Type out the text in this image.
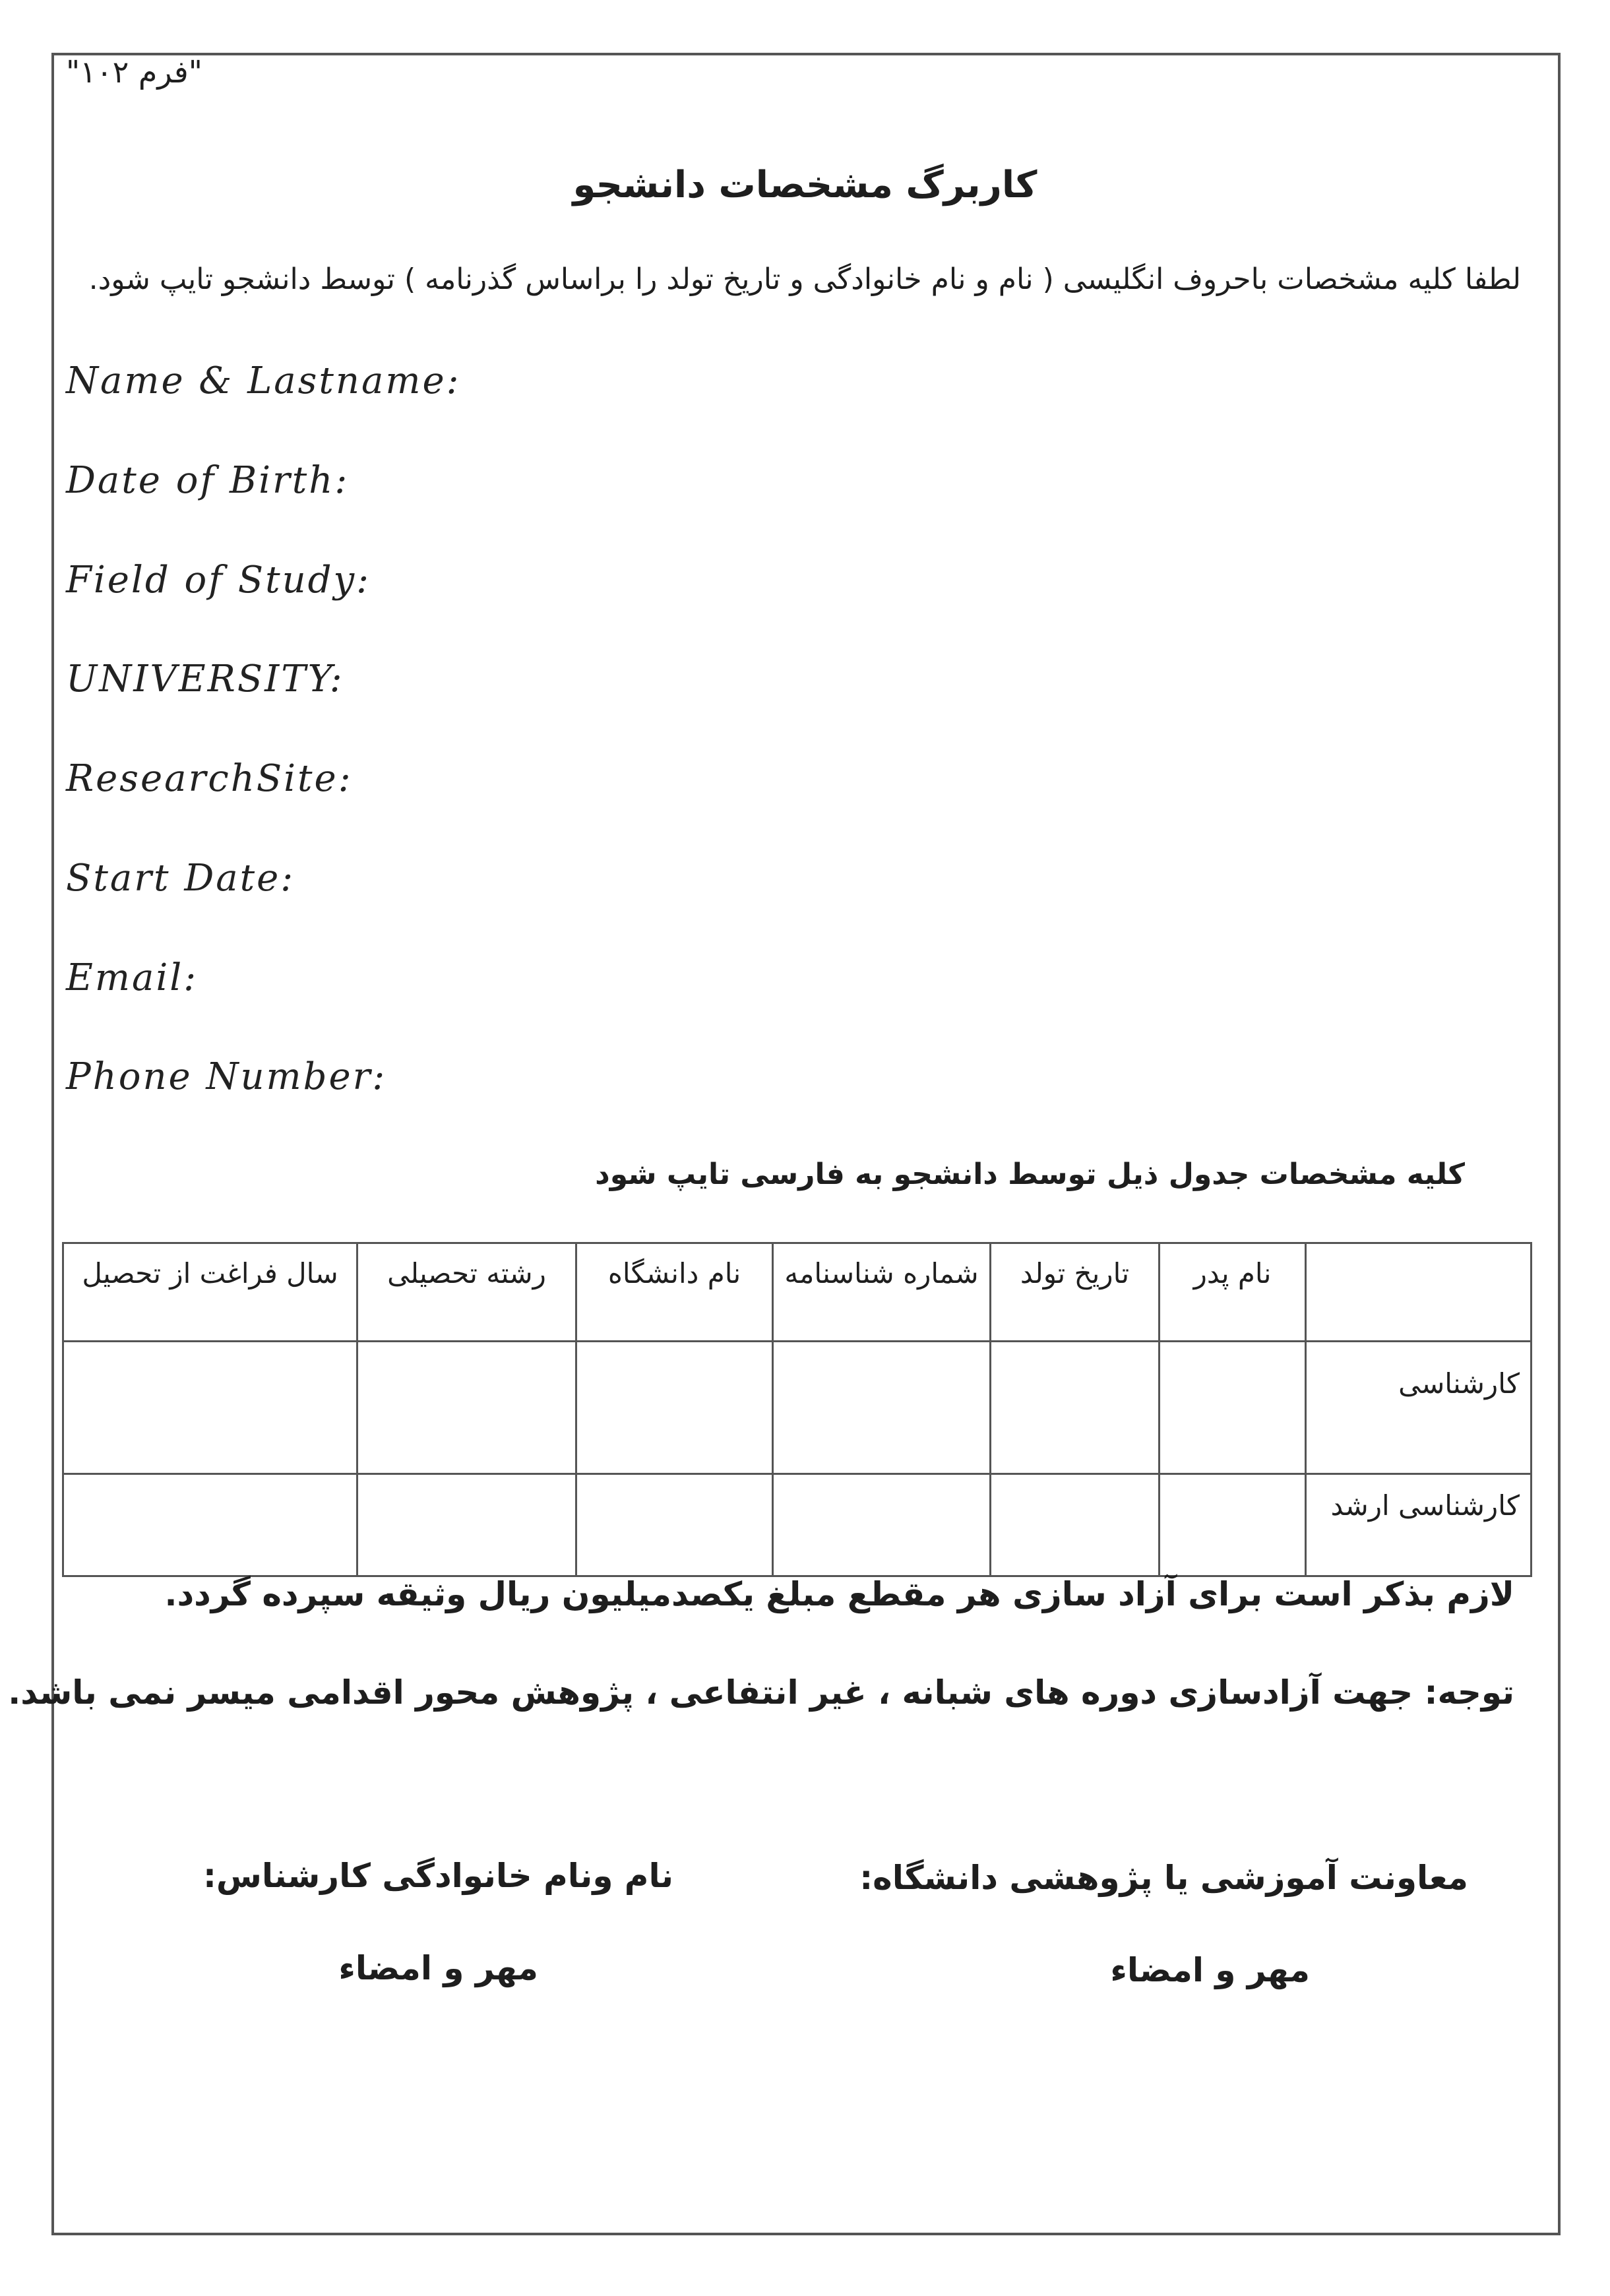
"فرم ۱۰۲"
کاربرگ مشخصات دانشجو
لطفا کلیه مشخصات باحروف انگلیسی ( نام و نام خانوادگی و تاریخ تولد را براساس گذرنامه ) توسط دانشجو تایپ شود.
Name & Lastname:
Date of Birth:
Field of Study:
UNIVERSITY:
ResearchSite:
Start Date:
Email:
Phone Number:
کلیه مشخصات جدول ذیل توسط دانشجو به فارسی تایپ شود
	نام پدر	تاریخ تولد	شماره شناسنامه	نام دانشگاه	رشته تحصیلی	سال فراغت از تحصیل
کارشناسی						
کارشناسی ارشد						
لازم بذکر است برای آزاد سازی هر مقطع مبلغ یکصدمیلیون ریال وثیقه سپرده گردد.
توجه: جهت آزادسازی دوره های شبانه ، غیر انتفاعی ، پژوهش محور اقدامی میسر نمی باشد.
نام ونام خانوادگی کارشناس:
مهر و امضاء
معاونت آموزشی یا پژوهشی دانشگاه:
مهر و امضاء
